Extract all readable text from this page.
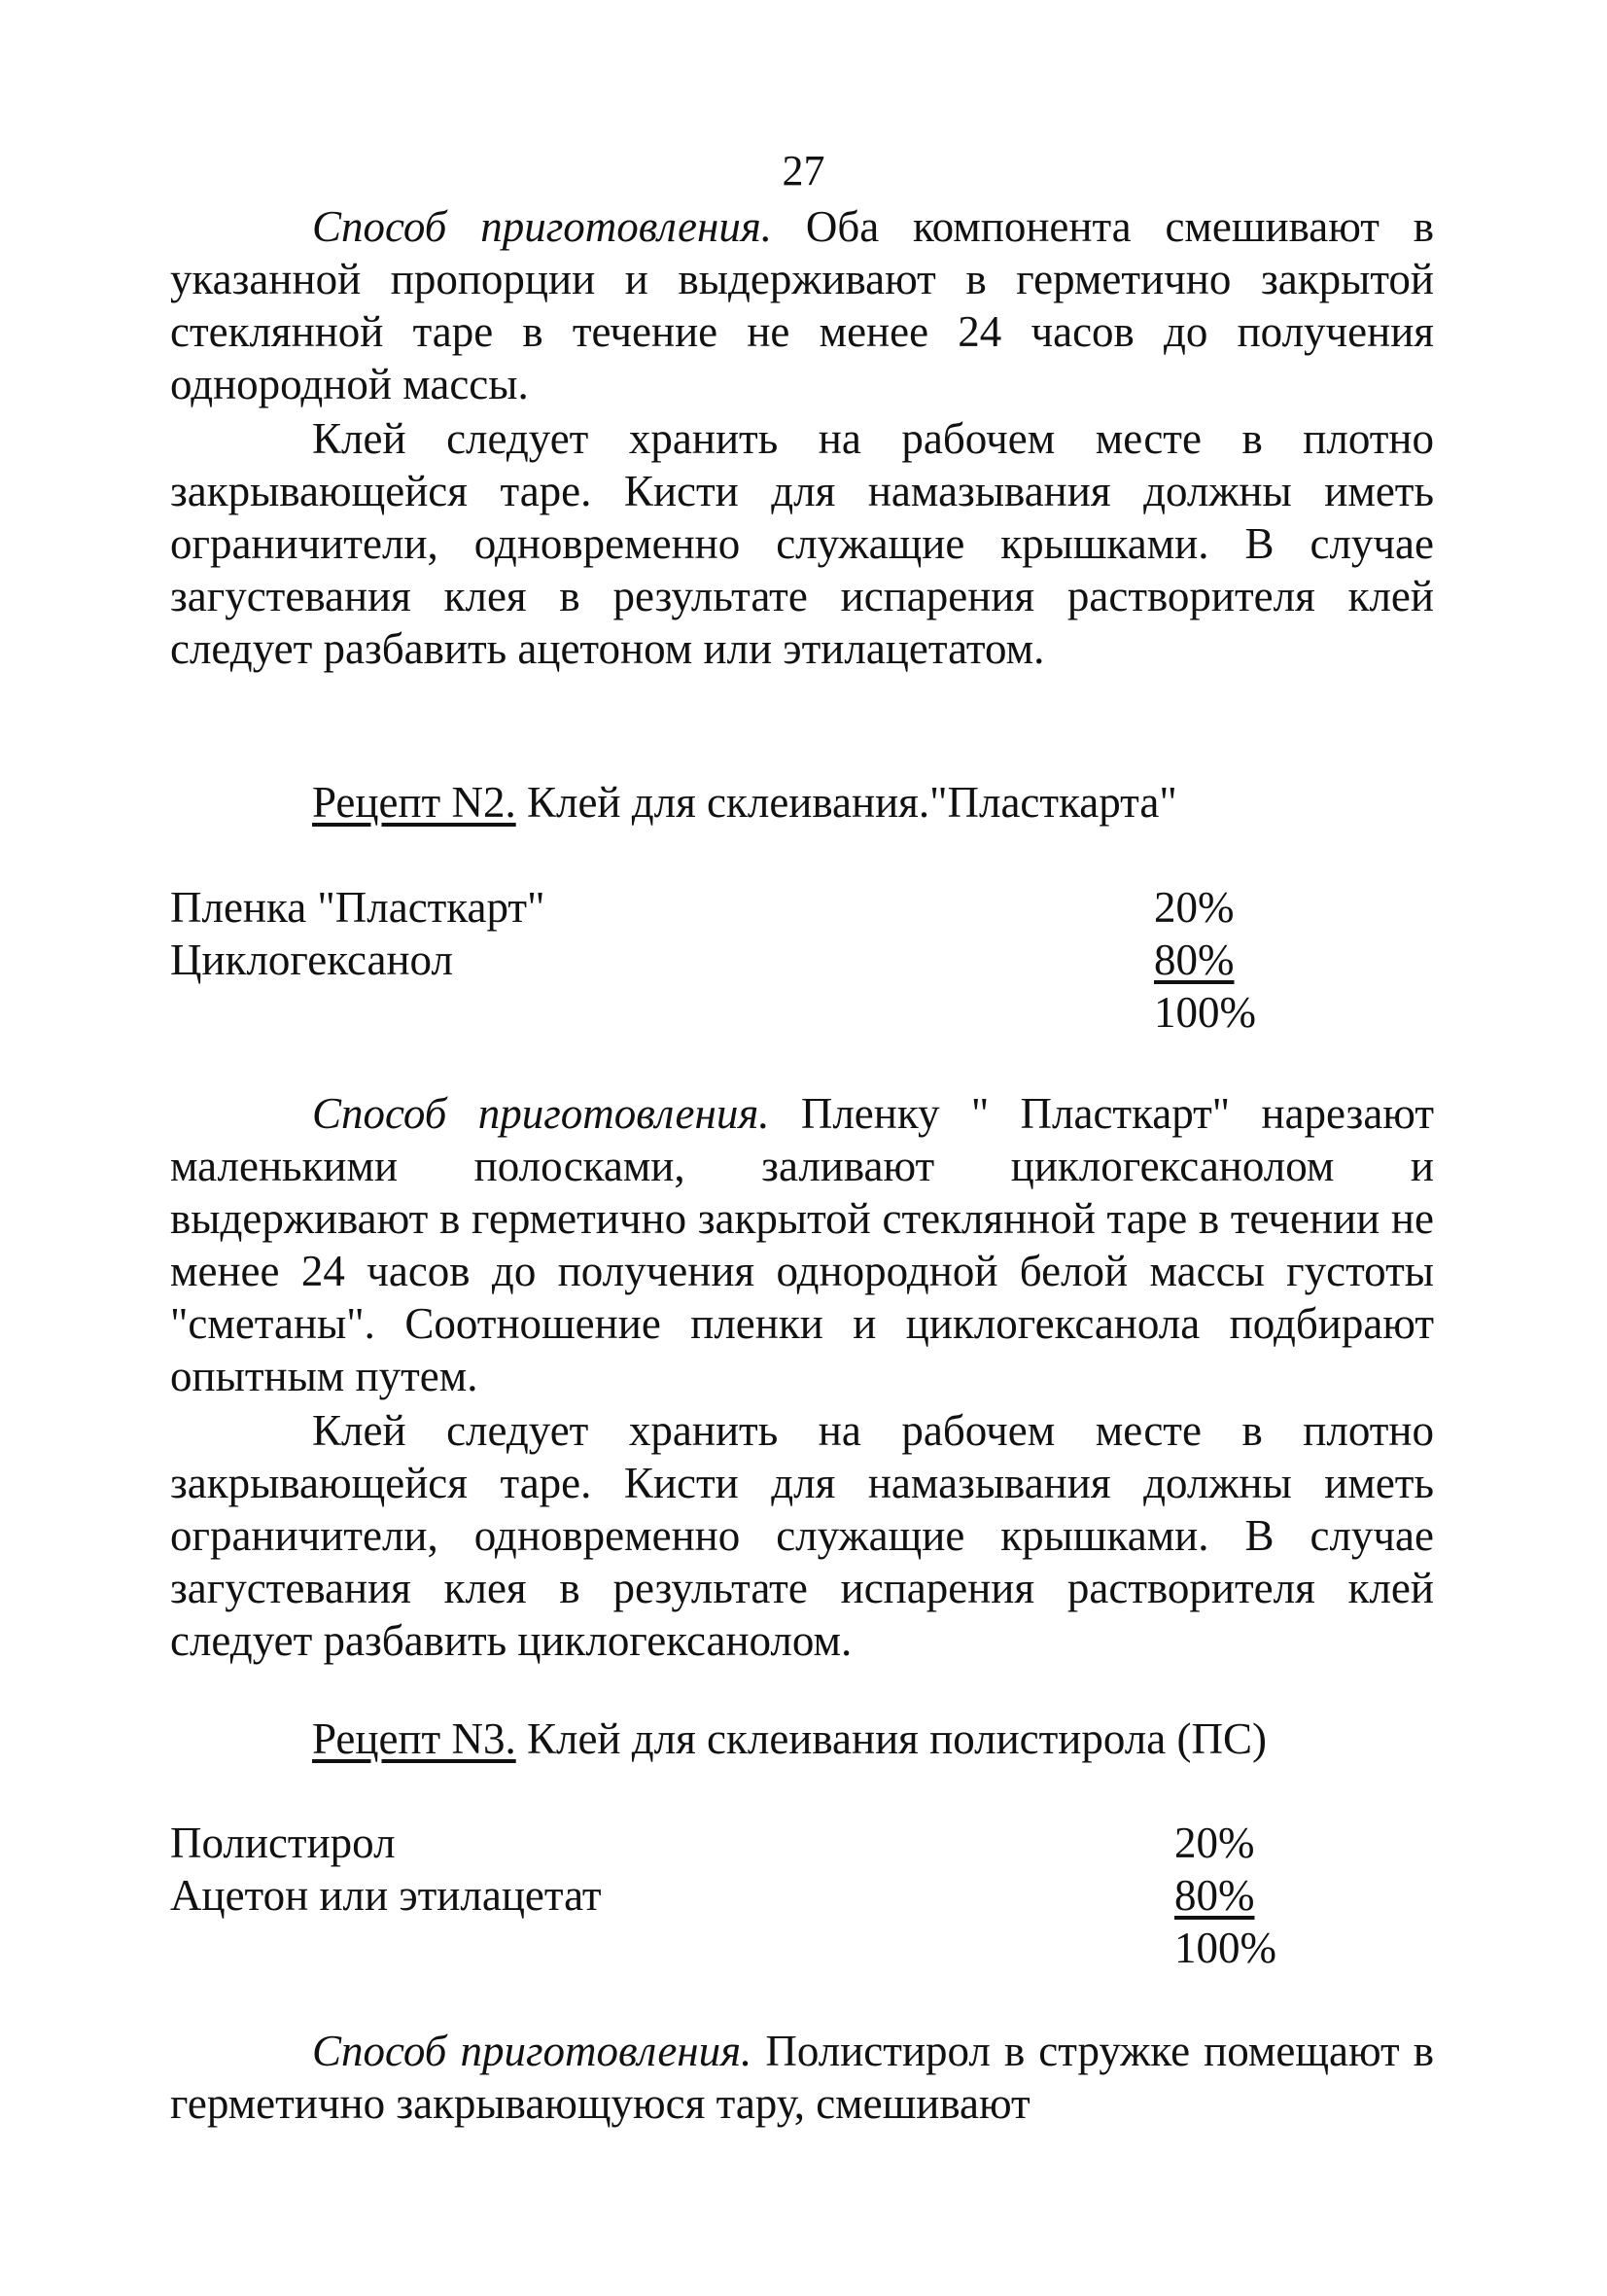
27

Способ приготовления. Оба компонента смешивают в указанной пропорции и выдерживают в герметично закрытой стеклянной таре в течение не менее 24 часов до получения однородной массы.

Клей следует хранить на рабочем месте в плотно закрывающейся таре. Кисти для намазывания должны иметь ограничители, одновременно служащие крышками. В случае загустевания клея в результате испарения растворителя клей следует разбавить ацетоном или этилацетатом.

Рецепт N2. Клей для склеивания."Пласткарта"
Пленка "Пласткарт"	20%
Циклогексанол	80%
100%

Способ приготовления. Пленку " Пласткарт" нарезают маленькими полосками, заливают циклогексанолом и выдерживают в герметично закрытой стеклянной таре в течении не менее 24 часов до получения однородной белой массы густоты "сметаны". Соотношение пленки и циклогексанола подбирают опытным путем.

Клей следует хранить на рабочем месте в плотно закрывающейся таре. Кисти для намазывания должны иметь ограничители, одновременно служащие крышками. В случае загустевания клея в результате испарения растворителя клей следует разбавить циклогексанолом.

Рецепт N3. Клей для склеивания полистирола (ПС)
Полистирол	20%
Ацетон или этилацетат	80%
100%

Способ приготовления. Полистирол в стружке помещают в герметично закрывающуюся тару, смешивают
